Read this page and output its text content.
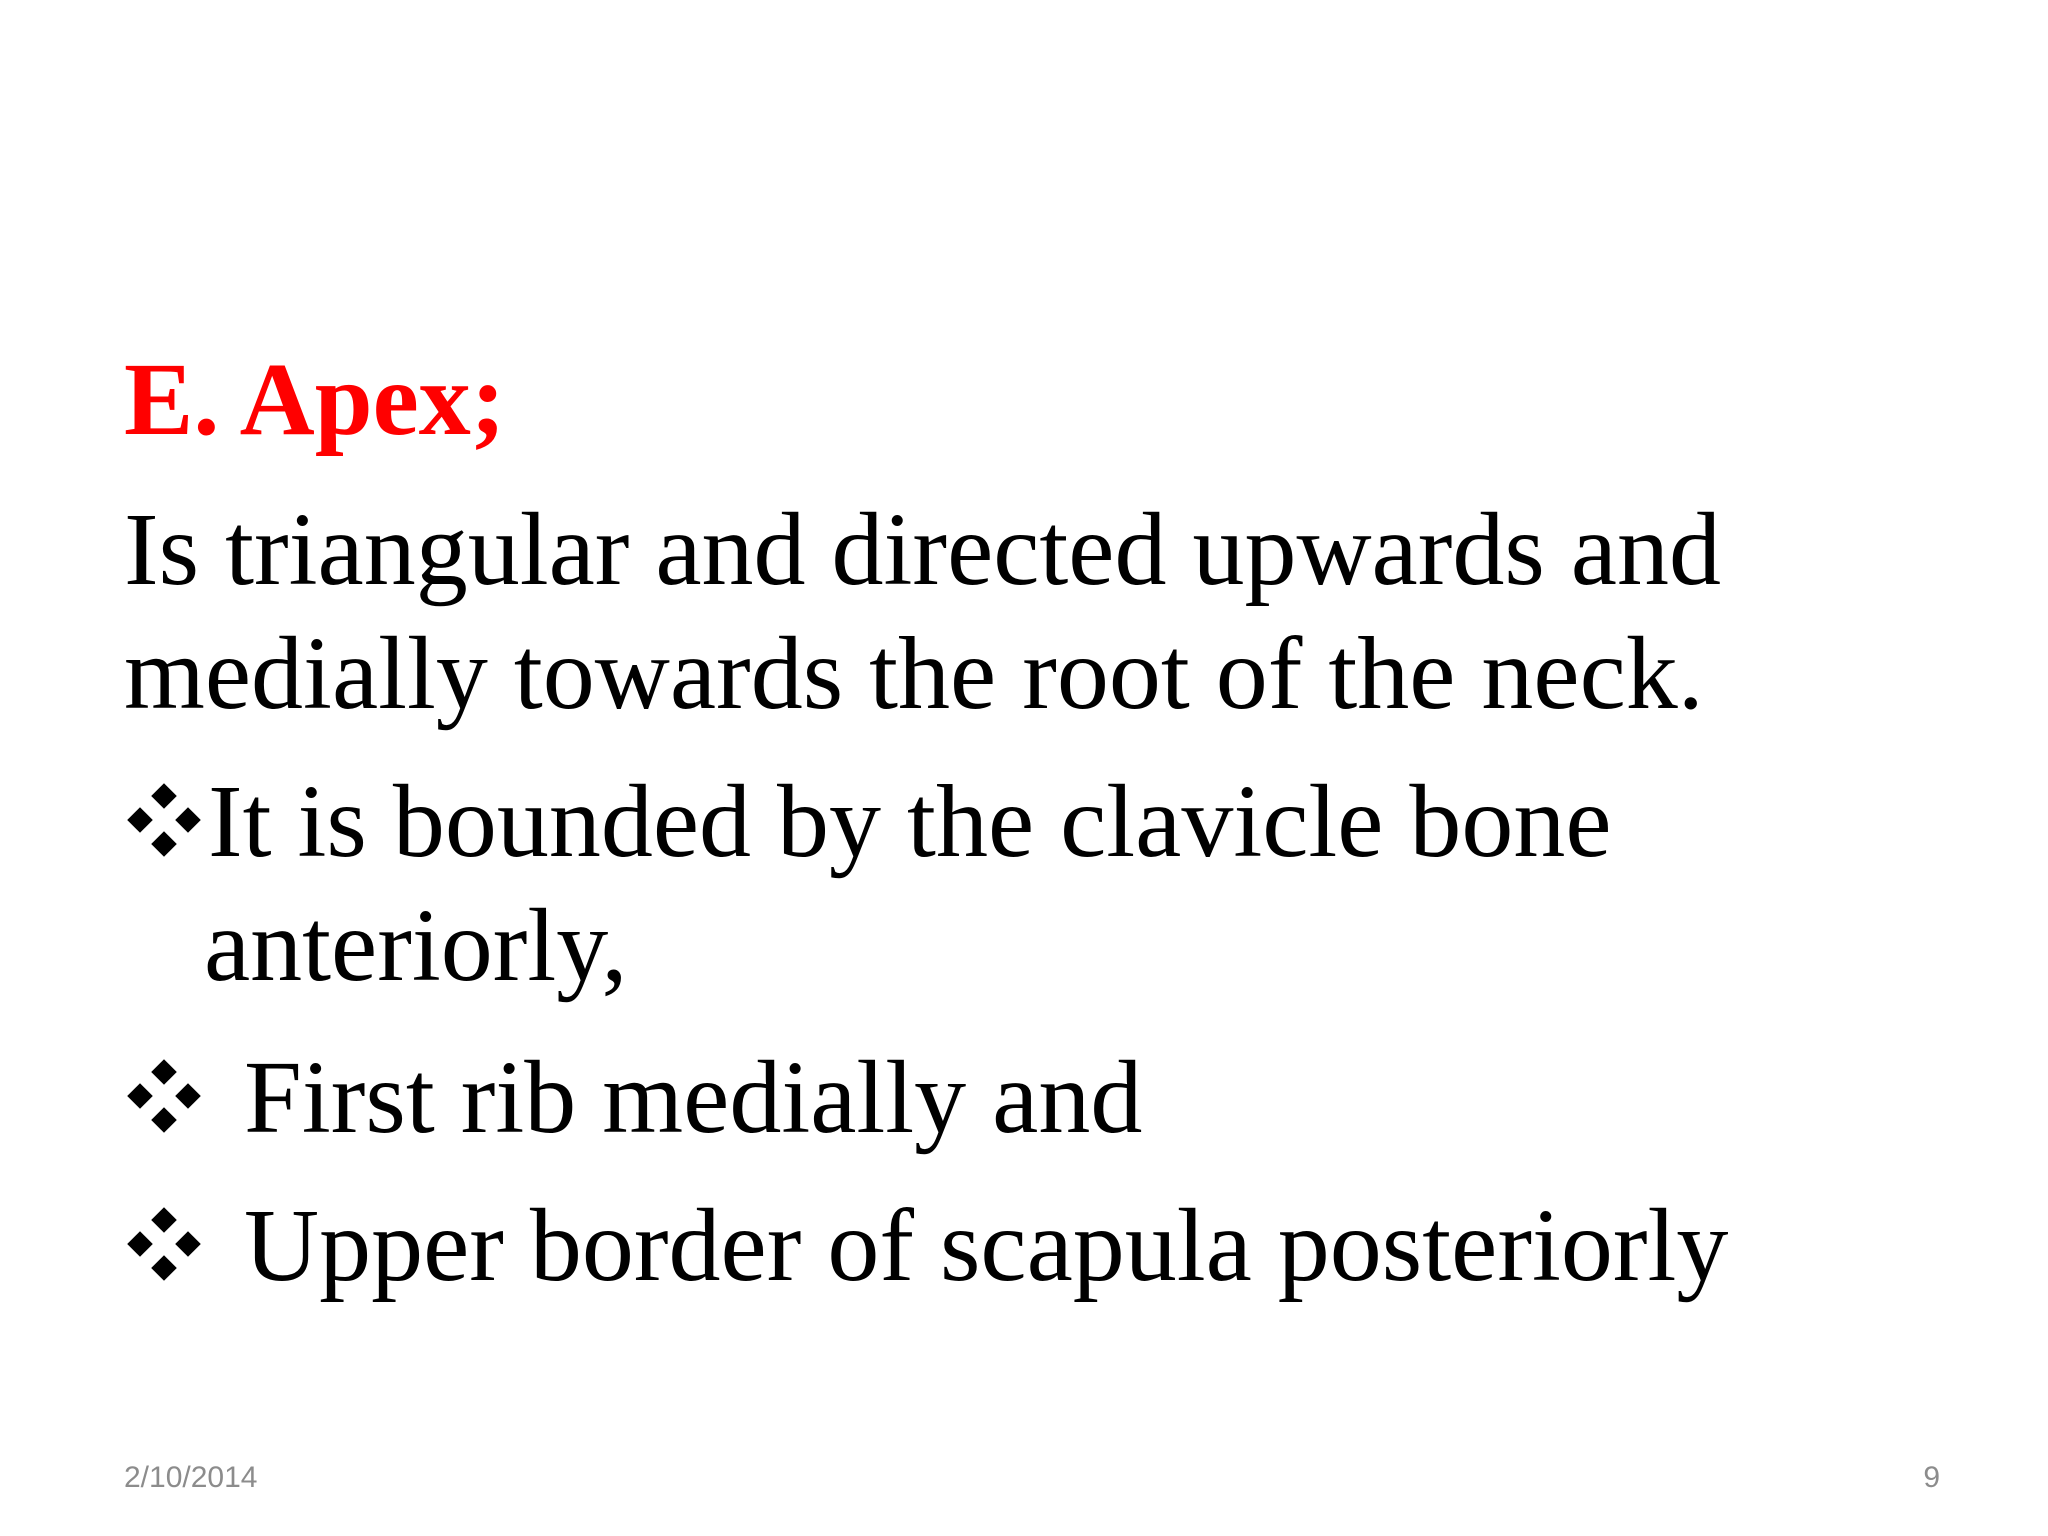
E. Apex;
Is triangular and directed upwards and
medially towards the root of the neck.
It is bounded by the clavicle bone
anteriorly,
First rib medially and
Upper border of scapula posteriorly
2/10/2014	9
